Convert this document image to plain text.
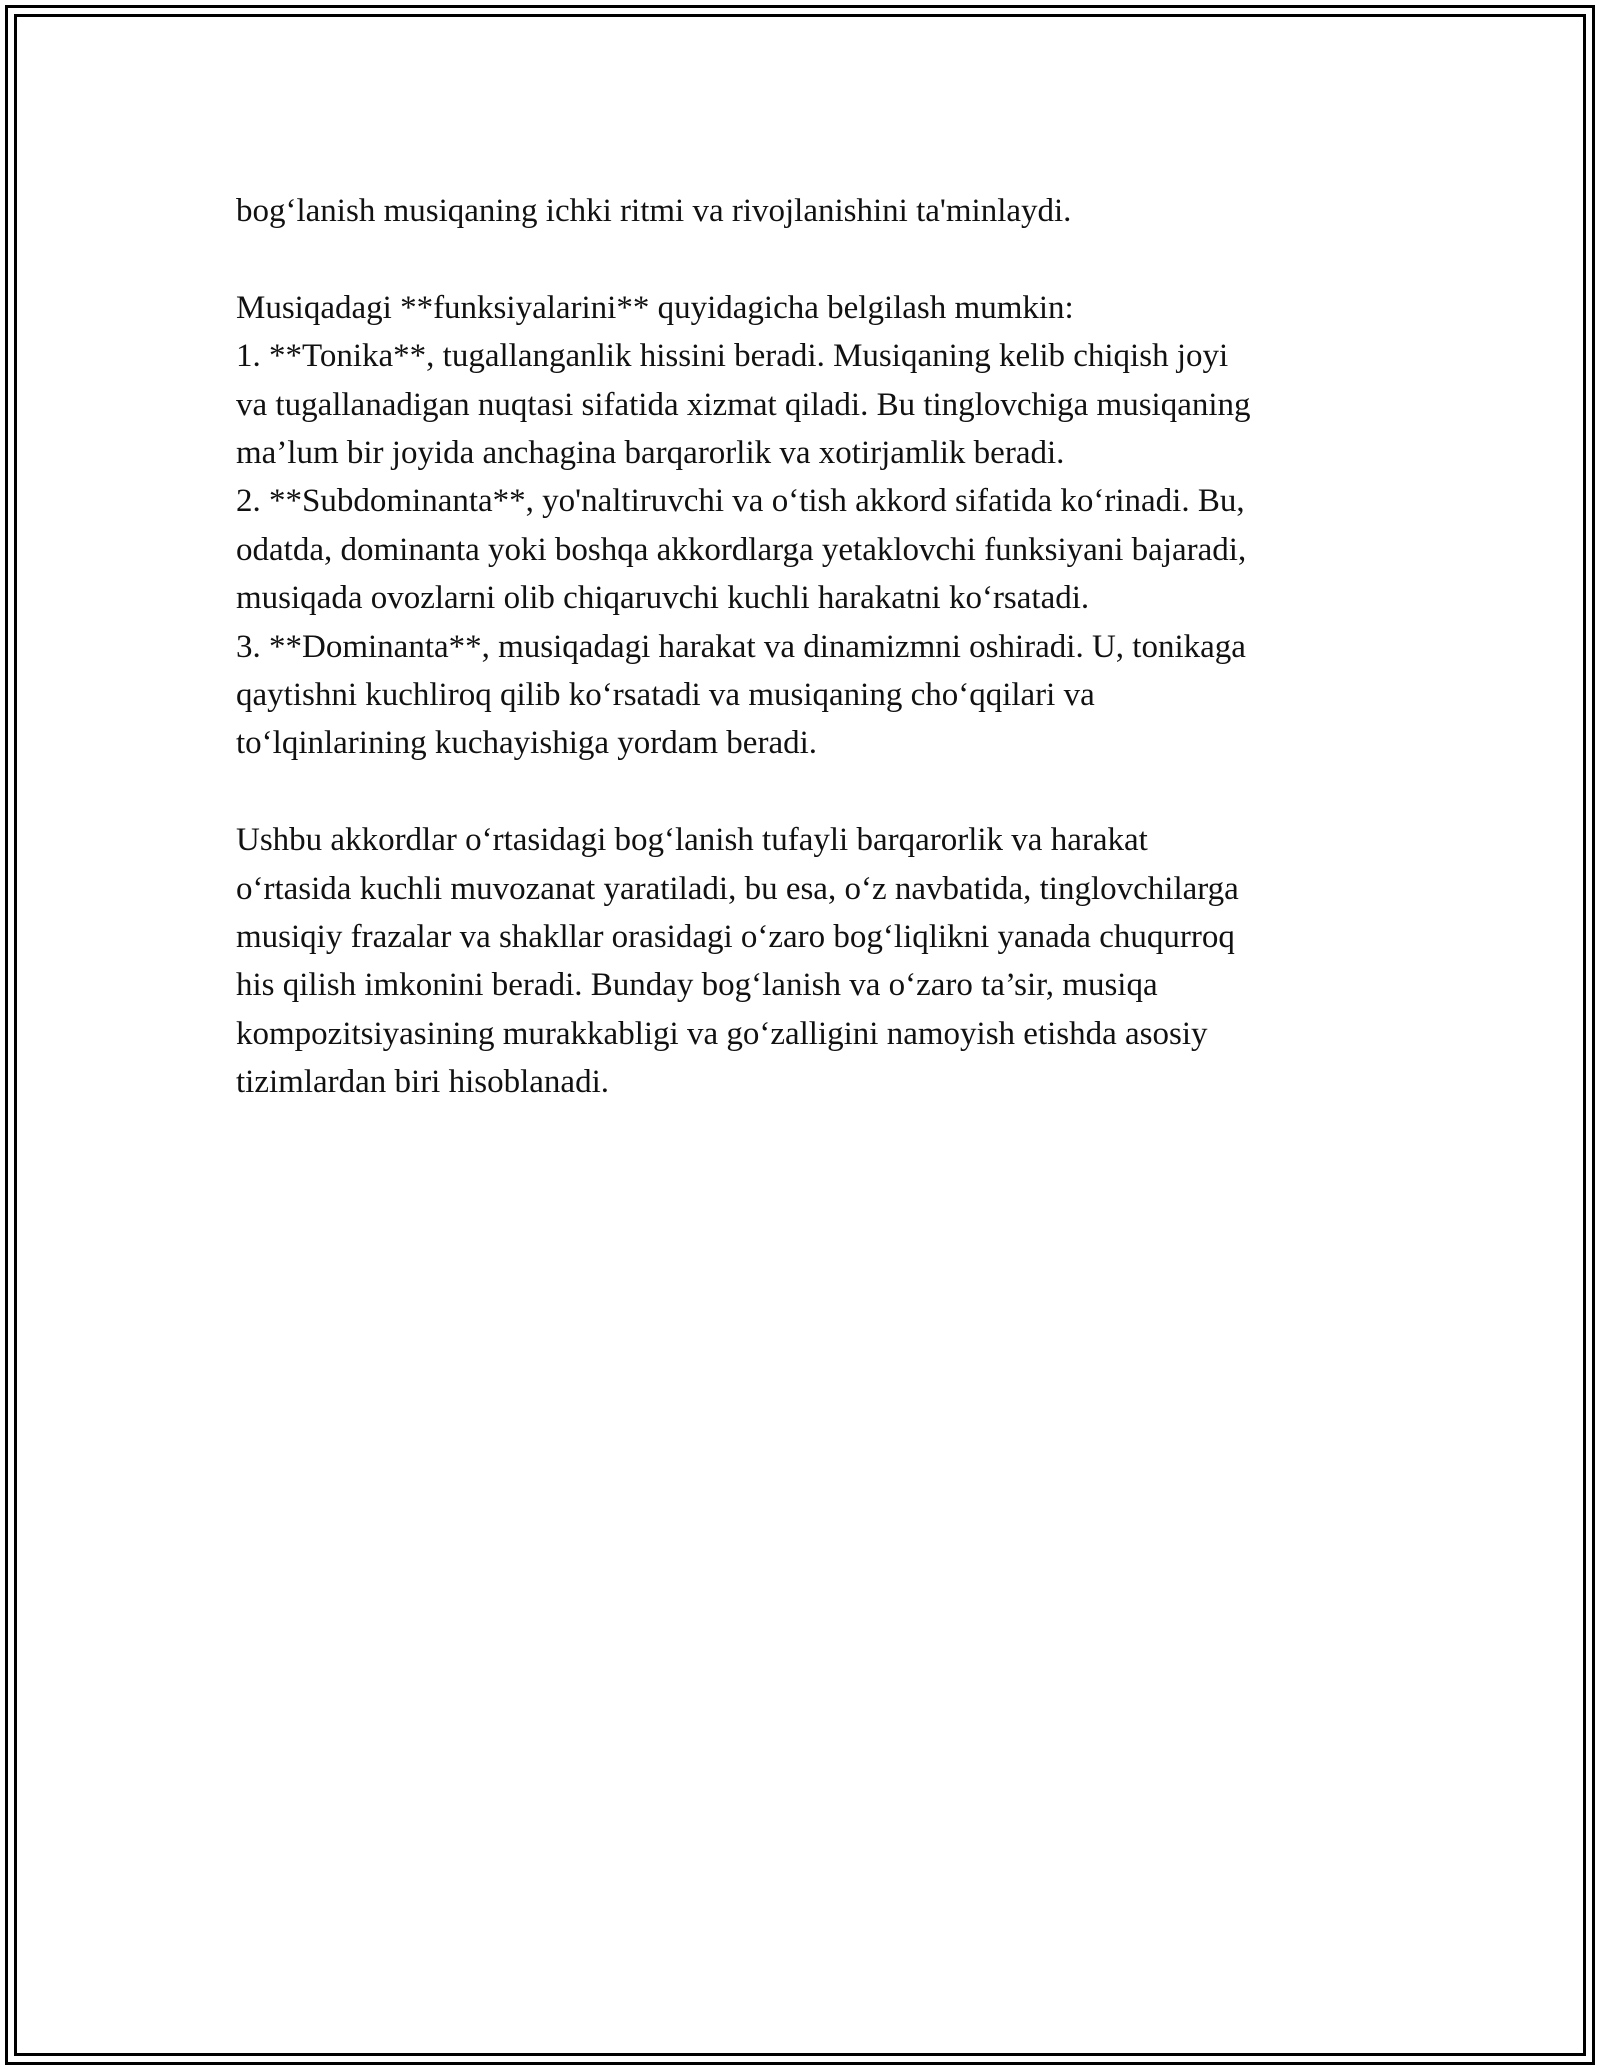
bog‘lanish musiqaning ichki ritmi va rivojlanishini ta'minlaydi.

Musiqadagi **funksiyalarini** quyidagicha belgilash mumkin:

1. **Tonika**, tugallanganlik hissini beradi. Musiqaning kelib chiqish joyi
va tugallanadigan nuqtasi sifatida xizmat qiladi. Bu tinglovchiga musiqaning
ma’lum bir joyida anchagina barqarorlik va xotirjamlik beradi.
2. **Subdominanta**, yo'naltiruvchi va o‘tish akkord sifatida ko‘rinadi. Bu,
odatda, dominanta yoki boshqa akkordlarga yetaklovchi funksiyani bajaradi,
musiqada ovozlarni olib chiqaruvchi kuchli harakatni ko‘rsatadi.
3. **Dominanta**, musiqadagi harakat va dinamizmni oshiradi. U, tonikaga
qaytishni kuchliroq qilib ko‘rsatadi va musiqaning cho‘qqilari va
to‘lqinlarining kuchayishiga yordam beradi.
Ushbu akkordlar o‘rtasidagi bog‘lanish tufayli barqarorlik va harakat
o‘rtasida kuchli muvozanat yaratiladi, bu esa, o‘z navbatida, tinglovchilarga
musiqiy frazalar va shakllar orasidagi o‘zaro bog‘liqlikni yanada chuqurroq
his qilish imkonini beradi. Bunday bog‘lanish va o‘zaro ta’sir, musiqa
kompozitsiyasining murakkabligi va go‘zalligini namoyish etishda asosiy
tizimlardan biri hisoblanadi.
